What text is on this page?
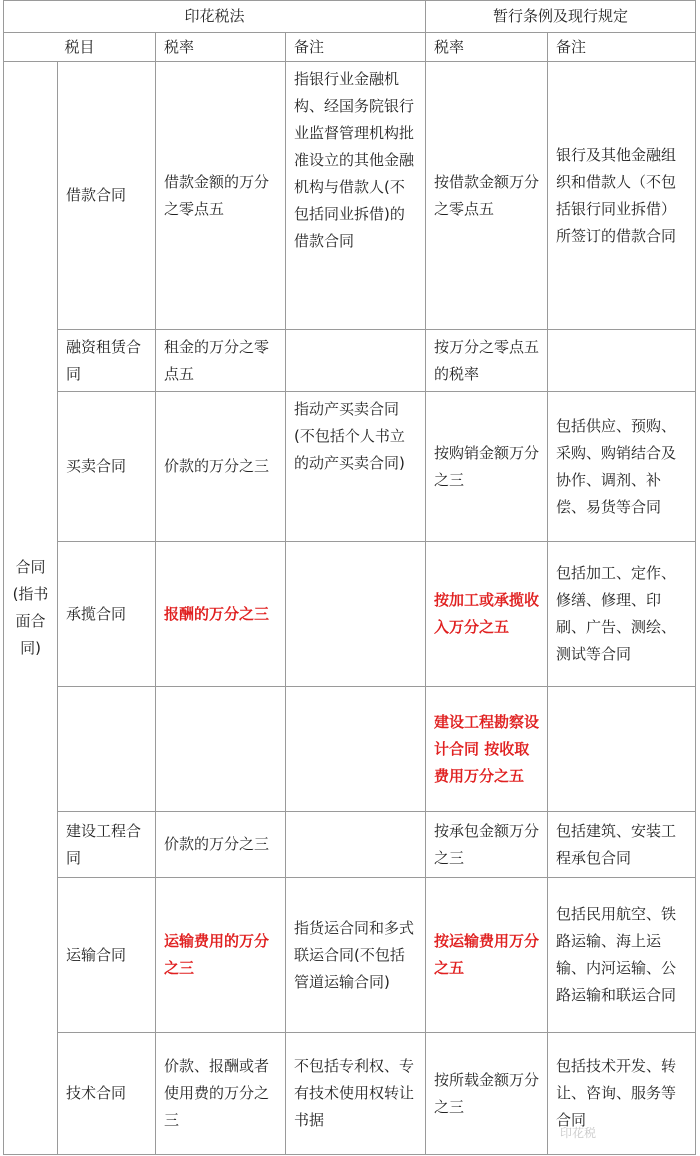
印花税法				暂行条例及现行规定	
税目		税率	备注	税率	备注
合同(指书面合同)	借款合同	借款金额的万分之零点五	指银行业金融机构、经国务院银行业监督管理机构批准设立的其他金融机构与借款人(不包括同业拆借)的借款合同	按借款金额万分之零点五	银行及其他金融组织和借款人（不包括银行同业拆借）所签订的借款合同
	融资租赁合同	租金的万分之零点五		按万分之零点五的税率	
	买卖合同	价款的万分之三	指动产买卖合同(不包括个人书立的动产买卖合同)	按购销金额万分之三	包括供应、预购、采购、购销结合及协作、调剂、补偿、易货等合同
	承揽合同	报酬的万分之三		按加工或承揽收入万分之五	包括加工、定作、修缮、修理、印刷、广告、测绘、测试等合同
				建设工程勘察设计合同 按收取费用万分之五	
	建设工程合同	价款的万分之三		按承包金额万分之三	包括建筑、安装工程承包合同
	运输合同	运输费用的万分之三	指货运合同和多式联运合同(不包括管道运输合同)	按运输费用万分之五	包括民用航空、铁路运输、海上运输、内河运输、公路运输和联运合同
	技术合同	价款、报酬或者使用费的万分之三	不包括专利权、专有技术使用权转让书据	按所载金额万分之三	包括技术开发、转让、咨询、服务等合同
印花税
